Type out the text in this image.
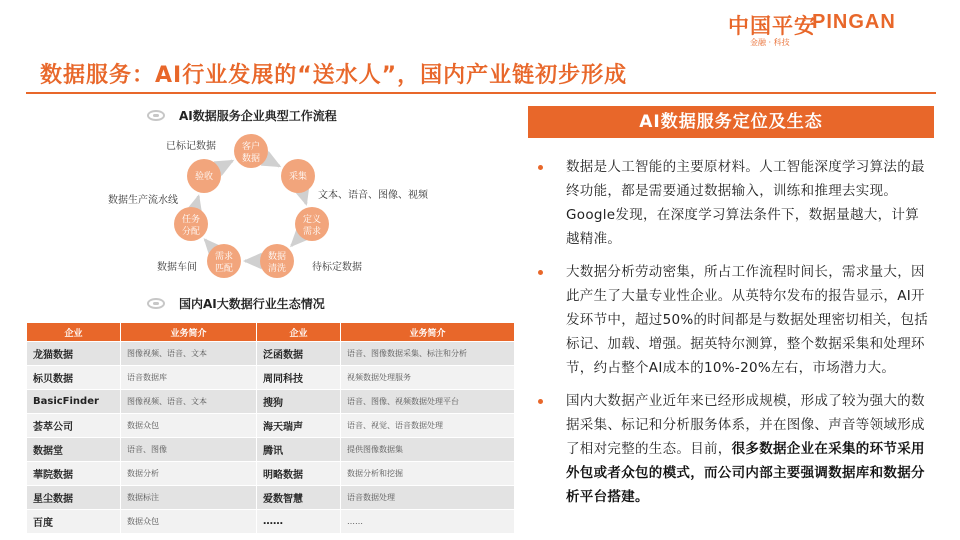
中国平安
PINGAN
金融 · 科技
数据服务：AI行业发展的“送水人”，国内产业链初步形成
AI数据服务企业典型工作流程
客户
数据
采集
定义
需求
数据
清洗
需求
匹配
任务
分配
验收
已标记数据
文本、语音、图像、视频
待标定数据
数据车间
数据生产流水线
国内AI大数据行业生态情况
企业	业务简介	企业	业务简介
龙猫数据	图像视频、语音、文本	泛函数据	语音、图像数据采集、标注和分析
标贝数据	语音数据库	周同科技	视频数据处理服务
BasicFinder	图像视频、语音、文本	搜狗	语音、图像、视频数据处理平台
荟萃公司	数据众包	海天瑞声	语音、视觉、语音数据处理
数据堂	语音、图像	腾讯	提供图像数据集
華院数据	数据分析	明略数据	数据分析和挖掘
星尘数据	数据标注	爱数智慧	语音数据处理
百度	数据众包	……	……
AI数据服务定位及生态
数据是人工智能的主要原材料。人工智能深度学习算法的最终功能，都是需要通过数据输入，训练和推理去实现。Google发现，在深度学习算法条件下，数据量越大，计算越精准。
大数据分析劳动密集，所占工作流程时间长，需求量大，因此产生了大量专业性企业。从英特尔发布的报告显示，AI开发环节中，超过50%的时间都是与数据处理密切相关，包括标记、加载、增强。据英特尔测算，整个数据采集和处理环节，约占整个AI成本的10%-20%左右，市场潜力大。
国内大数据产业近年来已经形成规模，形成了较为强大的数据采集、标记和分析服务体系，并在图像、声音等领域形成了相对完整的生态。目前，很多数据企业在采集的环节采用外包或者众包的模式，而公司内部主要强调数据库和数据分析平台搭建。
